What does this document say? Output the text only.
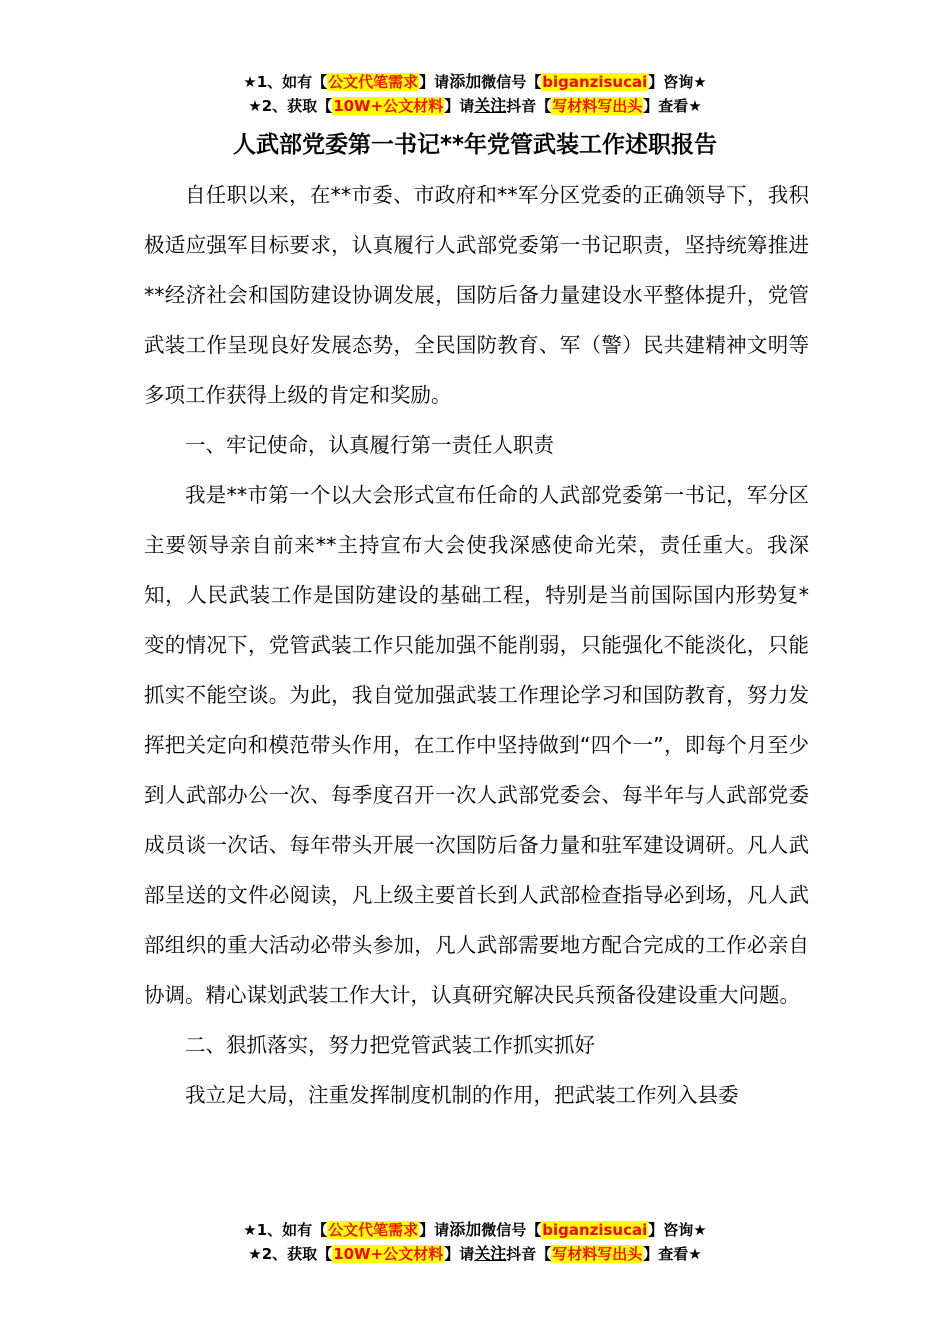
★1、如有【公文代笔需求】请添加微信号【biganzisucai】咨询★
★2、获取【10W+公文材料】请关注抖音【写材料写出头】查看★
人武部党委第一书记**年党管武装工作述职报告

自任职以来，在**市委、市政府和**军分区党委的正确领导下，我积极适应强军目标要求，认真履行人武部党委第一书记职责，坚持统筹推进**经济社会和国防建设协调发展，国防后备力量建设水平整体提升，党管武装工作呈现良好发展态势，全民国防教育、军（警）民共建精神文明等多项工作获得上级的肯定和奖励。

一、牢记使命，认真履行第一责任人职责

我是**市第一个以大会形式宣布任命的人武部党委第一书记，军分区主要领导亲自前来**主持宣布大会使我深感使命光荣，责任重大。我深知，人民武装工作是国防建设的基础工程，特别是当前国际国内形势复*变的情况下，党管武装工作只能加强不能削弱，只能强化不能淡化，只能抓实不能空谈。为此，我自觉加强武装工作理论学习和国防教育，努力发挥把关定向和模范带头作用，在工作中坚持做到“四个一”，即每个月至少到人武部办公一次、每季度召开一次人武部党委会、每半年与人武部党委成员谈一次话、每年带头开展一次国防后备力量和驻军建设调研。凡人武部呈送的文件必阅读，凡上级主要首长到人武部检查指导必到场，凡人武部组织的重大活动必带头参加，凡人武部需要地方配合完成的工作必亲自协调。精心谋划武装工作大计，认真研究解决民兵预备役建设重大问题。

二、狠抓落实，努力把党管武装工作抓实抓好

我立足大局，注重发挥制度机制的作用，把武装工作列入县委

★1、如有【公文代笔需求】请添加微信号【biganzisucai】咨询★
★2、获取【10W+公文材料】请关注抖音【写材料写出头】查看★
